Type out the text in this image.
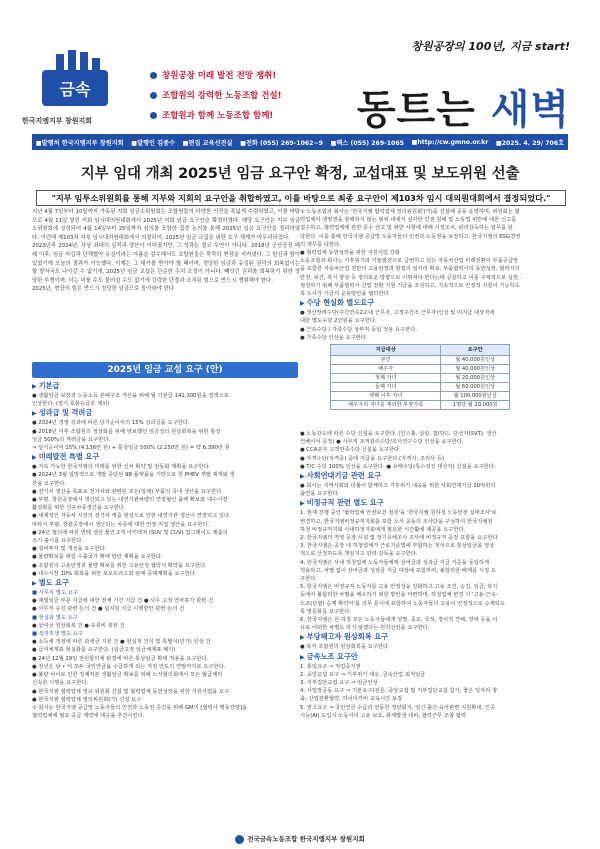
창원공장의 100년, 지금 start!
금속
한국지엠지부 창원지회
창원공장 미래 발전 전망 쟁취!
조합원의 강력한 노동조합 건설!
조합원과 함께 노동조합 함께! 동트는 새벽
■발행처 한국지엠지부 창원지회 ■발행인 김종수 ■편집 교육선전실 ■전화 (055) 269-1062~9 ■팩스 (055) 269-1065 ■http://cw.gmno.or.kr ■2025. 4. 29/ 706호
지부 임대 개최 2025년 임금 요구안 확정, 교섭대표 및 보도위원 선출
"지부 임투소위원회를 통해 지부와 지회의 요구안을 취합하였고, 이를 바탕으로 최종 요구안이 제103차 임시 대의원대회에서 결정되었다."

지난 4월 7일부터 10일까지 가동된 지회 임금소위원회는 조합원들의 다양한 의견을 폭넓게 수렴하였고, 이를 바탕으로 4월 11일 열린 지회 임시대의원대회에서 2025년 지회 임금 요구안을 확정하였다. 해당 요구안은 지부 임금소위원회에 상정되어 4월 14일부터 25일까지 심의를 포함한 집중 논의를 통해 2025년 임금 요구안을 정리하였다. 이런데 제103차 지부 임시대의원대회에서 의결되어, 2025년 임금 교섭을 위한 요구 체계가 마무리되었다.

2023년과 2024년, 사상 최대의 실적과 생산이 이어졌지만, 그 성과는 결코 우연이 아니다. 2018년 군산공장 폐쇄 이후, 임금 삭감과 단체협약 유실이라는 아픔을 감수해서도 조합원들은 묵묵히 현장을 지켜냈다. 그 헌신과 땀이 있었기에 오늘의 결과가 가능했다. 이제는 그 대가를 받아야 할 때이며, 정당한 임금과 유실된 권리의 회복없이는 할 발자국도 나아갈 수 없기에, 2025년 임금 교섭은 단순한 수치 조정이 아니다. 빼앗긴 권리를 회복하기 위한 정당한 투쟁이며, 더는 미룰 수도 물러설 수도 없기에 강력한 단결과 조직된 힘으로 반드시 쟁취해야 한다.

2025년, 현장의 힘은 반드시 정당한 임금으로 돌아와야 한다.

2025년 임금 교섭 요구 (안)
▶ 기본급
● 생활임금 보장과 노동소득 분배구조 개선을 위해 월 기본급 141,300원을 정액으로
인상한다. (정기 호봉승급분 제외)
▶ 성과급 및 격려금
● 2024년 경영 성과에 따른 당기순이익의 15% 성과급을 요구한다.
● 2018년 이후 조합원의 정상화를 위해 양보했던 임금성의 원상회복을 위한 통상
임금 500%의 격려금을 요구한다.
⇒ 당기순이익 15% (4,136만 원) + 통상임금 500% (2,250만 원) = 약 6,390만 원
▶ 미래발전 특별 요구
● 지속 가능한 한국지엠의 미래를 위한 신차 확약 및 전동화 계획을 요구한다.
● 2024년 3월 일방적으로 개발 중단된 9B 플랫폼을 기반으로 한 PHEV 개발 재개와 생
산을 요구한다.
● 전기차 생산을 목표로 전기차와 관련된 모든(일체) 부품의 국내 생산을 요구한다
● 부평, 창원공장에서 생산되고 있는 내연기관차량의 연장형인 플랫 확보와 내수시장
활성화를 위한 신규차종생산을 요구한다.
● 세계적인 자동차 시장의 전기차 캐즘 현상으로 인한 내연기관 생산이 연장되고 있다.
따라서 부평, 창원공장에서 생산되는 차종에 대한 연장 직접 생산을 요구한다.
● 24년 협의에 따른 연래 생산 물인 2개 아키텍쳐 (SUV 및 CUV) 업그레이드 제품의
조기 출시를 요구한다.
● 설비투자 및 개선을 요구한다.
● 물량확보를 위한 수출국가 확대 방안 계획을 요구한다.
● 조합원의 고용안정과 물량 확보를 위한 고용안정 협약서 확약을 요구한다.
● 내수시장 10% 회복을 위한 포토트라오와 판매 증대계획을 요구한다.
▶ 별도 요구
■ 사무직 별도 요구
● 재벌임금 부문 지급에 대한 전체 기간 지급 건 ● 사무 고정 연차휴가 관련 건
● 사무직 승진 관련 논의 건 ● 팀지원 지급 시행방안 관련 논의 건
■ 현실화 별도 요구
● 상여금 원상회복 건 ● 유류비 복원 건
■ 복리후생 별도 요구
● 소득세 개정에 따른 과세금 지원 건 ● 현실적 건식 및 특별식(년가) 인상 건
● 급여체계표 현실화를 요구한다. (임금고정 임금체계표 폐지)
● 24년 12월 19일 전원합의체 판결에 따른 통상임금 확대 적용을 요구한다.
● 정년은 남 • 여 모두 국민연금을 수급하게 되는 직전 연도의 연말까지로 요구한다.
● 불량 차이로 인한 징계처분 생활임금 확보를 위해 노사협의회에서 모든 월급제의
신속한 시행을 요구한다.
● 한국지엠 협력업체 정규 위원회 신설 및 협력업체 동반성장을 위한 지원사업을 요구
● 한국지엠 협력업체 정의위원회(가) 신설 요구
① 회사는 한국지엠 공급망 노동자들의 인권과 노동권 증진을 위해 GM의 [협력사 행동강령]을
협력업체에 필요 공급 계약에 대응을 추진시킨다.
② 노동조합과 회사는 '한국지엠 협력업체 정의위원회'(가)를 신설해 공동 운영하며, 위원회는 협
력업체의 생명권을 침해하지 않는 범위 내에서 심각한 인권 침해 및 노동법 위반에 대한 신고를
접수하고, 협력업체에 관한 준수 권고 및 위반 사항에 대해 시정조치, 관리감독하는 업무를 담
당한다. 이를 통해 한국지엠 공급망 노동자들의 인권과 노동권을 보장하고, 한국지엠의 ESG경영
의 책무를 다한다.
● 협력업체 동반성장을 위한 지원사업 강화
노동조합과 회사는 기후위기와 기술발전으로 급변하고 있는 자동차산업 미래전환이 부품공급망
을 포함한 자동차산업 전반의 고용안정과 양질의 일자리 확보, 부품협력사의 동반성장, 협력사의
안전, 보건, 복지 향상 등 정의로운 방향으로 이뤄져야 한다는데 공감하고 이를 구체적으로 실현 ·
점검하기 위해 부품협력사 산업 전환 지원 기금을 조성하고, 지속적으로 안정적 지원이 가능하도
록 노사가 기금의 운용방안을 협의한다
▶ 수당 현실화 별도요구
● 생산장려수당(주간연속2교대 근무자, 고정주간조 근무자)인상 및 미지급 대상자에
대한 별도수당 2만원을 요구한다.
● 근속수당 / 가족수당 상부직 동일 적용 요구한다.
● 가족수당 인상을 요구한다.
지급대상	요구안
본인	월 40,000원인상
배우자	월 40,000원인상
첫째 자녀	월 20,000원인상
둘째 자녀	월 60,000원인상
셋째 이후 자녀	월 100,000원인상
배우자외 자녀를 제외한 부양가족	1명당 월 20,000원
● 노동강도에 따른 수당 신설을 요구한다. (인스톨, 실링, 갭/단드, 단선자(SVT), 생산
컨베이어 공정) ● 사무직 조직관리수당/조사연구수당 인상을 요구한다.
● CCA분부 고객만족수당 신설을 요구한다.
● 자격수당(자격증) 증대 지급을 요구한다.(자격자, 조리사 등)
● T/C 수당 100% 인상을 요구한다. ● 유해수당(특수검진 대상자) 신설을 요구한다.
▶ 사회연대기금 관련 요구
● 회사는 지역사회와 더불어 함께하고 기후위기 대응을 위한 사회연대기금 10억원의
출연을 요구한다.
▶ 비정규직 관련 별도 요구
1. 현재 진행 중인 '협력업체 안전보건 점검'을 '한국지엠 원하청 노동안전 실태조사'로
변경하고, 한국지엠비정규직지회를 포함 노사 공동의 조사단을 구성하여 한국지엠원
하청 비정규직지회 사내하청지회에게 필요한 시간활에 제공을 요구한다.
2. 한국지엠의 직영 공장 시설 및 정기유해조사 조사에 비정규직 공정 포함을 요구한다.
3. 한국지엠은 공장 내 하청업체가 근로기준법에 부합하는 정식으로 통상임금을 정상
적으로 산정하도록 책임지고 관리·감독을 요구한다.
4. 한국지엠은 사내 하청업체 노동자들에게 상여금과 성과급 지급 기준을 동일하게
적용하고, 차별 없이 상여금과 성과금 지급 대상에 포함하며, 불합리한 배제를 시정 요
구한다.
5. 한국지엠은 비정규직 노동자를 고용 안정성을 강화하고 고용 조건, 승진, 임금, 복지
등에서 불합리한 차별을 해소하기 위한 방안을 마련하며, 하청업체 변경 시 '고용-근속-
노조(단협) 승계 확약서'를 의무 문서에 포함하여 노동자들의 고용이 안정적으로 승계되도
록 명문화를 요구한다.
6. 한국지엠은 원·하청 모든 노동자들에게 성별, 종교, 국적, 정치적 견해, 장애 등을 이
유로 어떠한 차별도 하지 않겠다는 원칙선언을 요구한다.
▶ 부당해고자 원상회복 요구
● 복직 조합원의 원상회복을 요구한다.
▶ 금속노조 요구안
1. 통일요구 ⇒ 직업중지권
2. 중앙교섭 요구 ⇒ 기후위기 대응, 금속산업 최저임금
3. 지부집단교섭 요구 ⇒ 임금인상
4. 사업장공동 요구 ⇒ 기본요구(전문, 중앙교섭 및 지부집단교섭 참가, 좋은 일자리 창
출, 산업전환협약, 하이디카비 교육시간 보장
5. 권고요구 ⇒ 국민연금 수급과 연동한 정년회지, 임신·출산·육아관련 지원확대, 인공
지능(AI) 도입시 노동자의 고용 보호, 화재발생 대비, 협력근무 조합 협력
전국금속노동조합 한국지엠지부 창원지회
